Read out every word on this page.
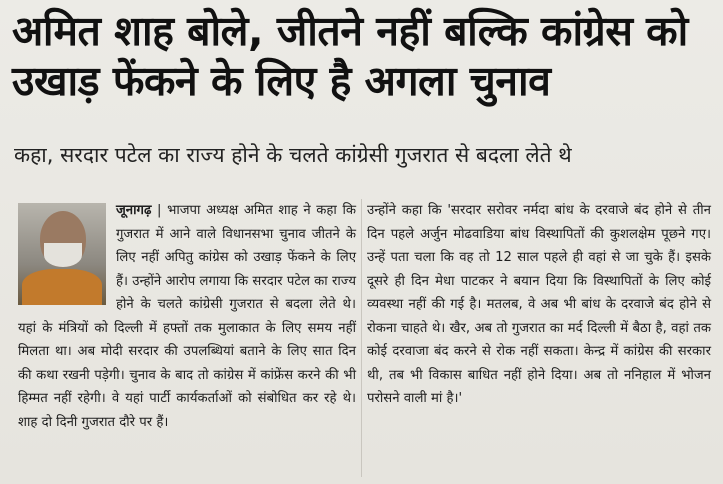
अमित शाह बोले, जीतने नहीं बल्कि कांग्रेस को उखाड़ फेंकने के लिए है अगला चुनाव
कहा, सरदार पटेल का राज्य होने के चलते कांग्रेसी गुजरात से बदला लेते थे

जूनागढ़ |
भाजपा अध्यक्ष अमित शाह ने कहा कि गुजरात में आने वाले विधानसभा चुनाव जीतने के लिए नहीं अपितु कांग्रेस को उखाड़ फेंकने के लिए हैं। उन्होंने आरोप लगाया कि सरदार पटेल का राज्य होने के चलते कांग्रेसी गुजरात से बदला लेते थे। यहां के मंत्रियों को दिल्ली में हफ्तों तक मुलाकात के लिए समय नहीं मिलता था। अब मोदी सरदार की उपलब्धियां बताने के लिए सात दिन की कथा रखनी पड़ेगी। चुनाव के बाद तो कांग्रेस में कांफ्रेंस करने की भी हिम्मत नहीं रहेगी। वे यहां पार्टी कार्यकर्ताओं को संबोधित कर रहे थे। शाह दो दिनी गुजरात दौरे पर हैं।

उन्होंने कहा कि 'सरदार सरोवर नर्मदा बांध के दरवाजे बंद होने से तीन दिन पहले अर्जुन मोढवाडिया बांध विस्थापितों की कुशलक्षेम पूछने गए। उन्हें पता चला कि वह तो 12 साल पहले ही वहां से जा चुके हैं। इसके दूसरे ही दिन मेधा पाटकर ने बयान दिया कि विस्थापितों के लिए कोई व्यवस्था नहीं की गई है। मतलब, वे अब भी बांध के दरवाजे बंद होने से रोकना चाहते थे। खैर, अब तो गुजरात का मर्द दिल्ली में बैठा है, वहां तक कोई दरवाजा बंद करने से रोक नहीं सकता। केन्द्र में कांग्रेस की सरकार थी, तब भी विकास बाधित नहीं होने दिया। अब तो ननिहाल में भोजन परोसने वाली मां है।'
